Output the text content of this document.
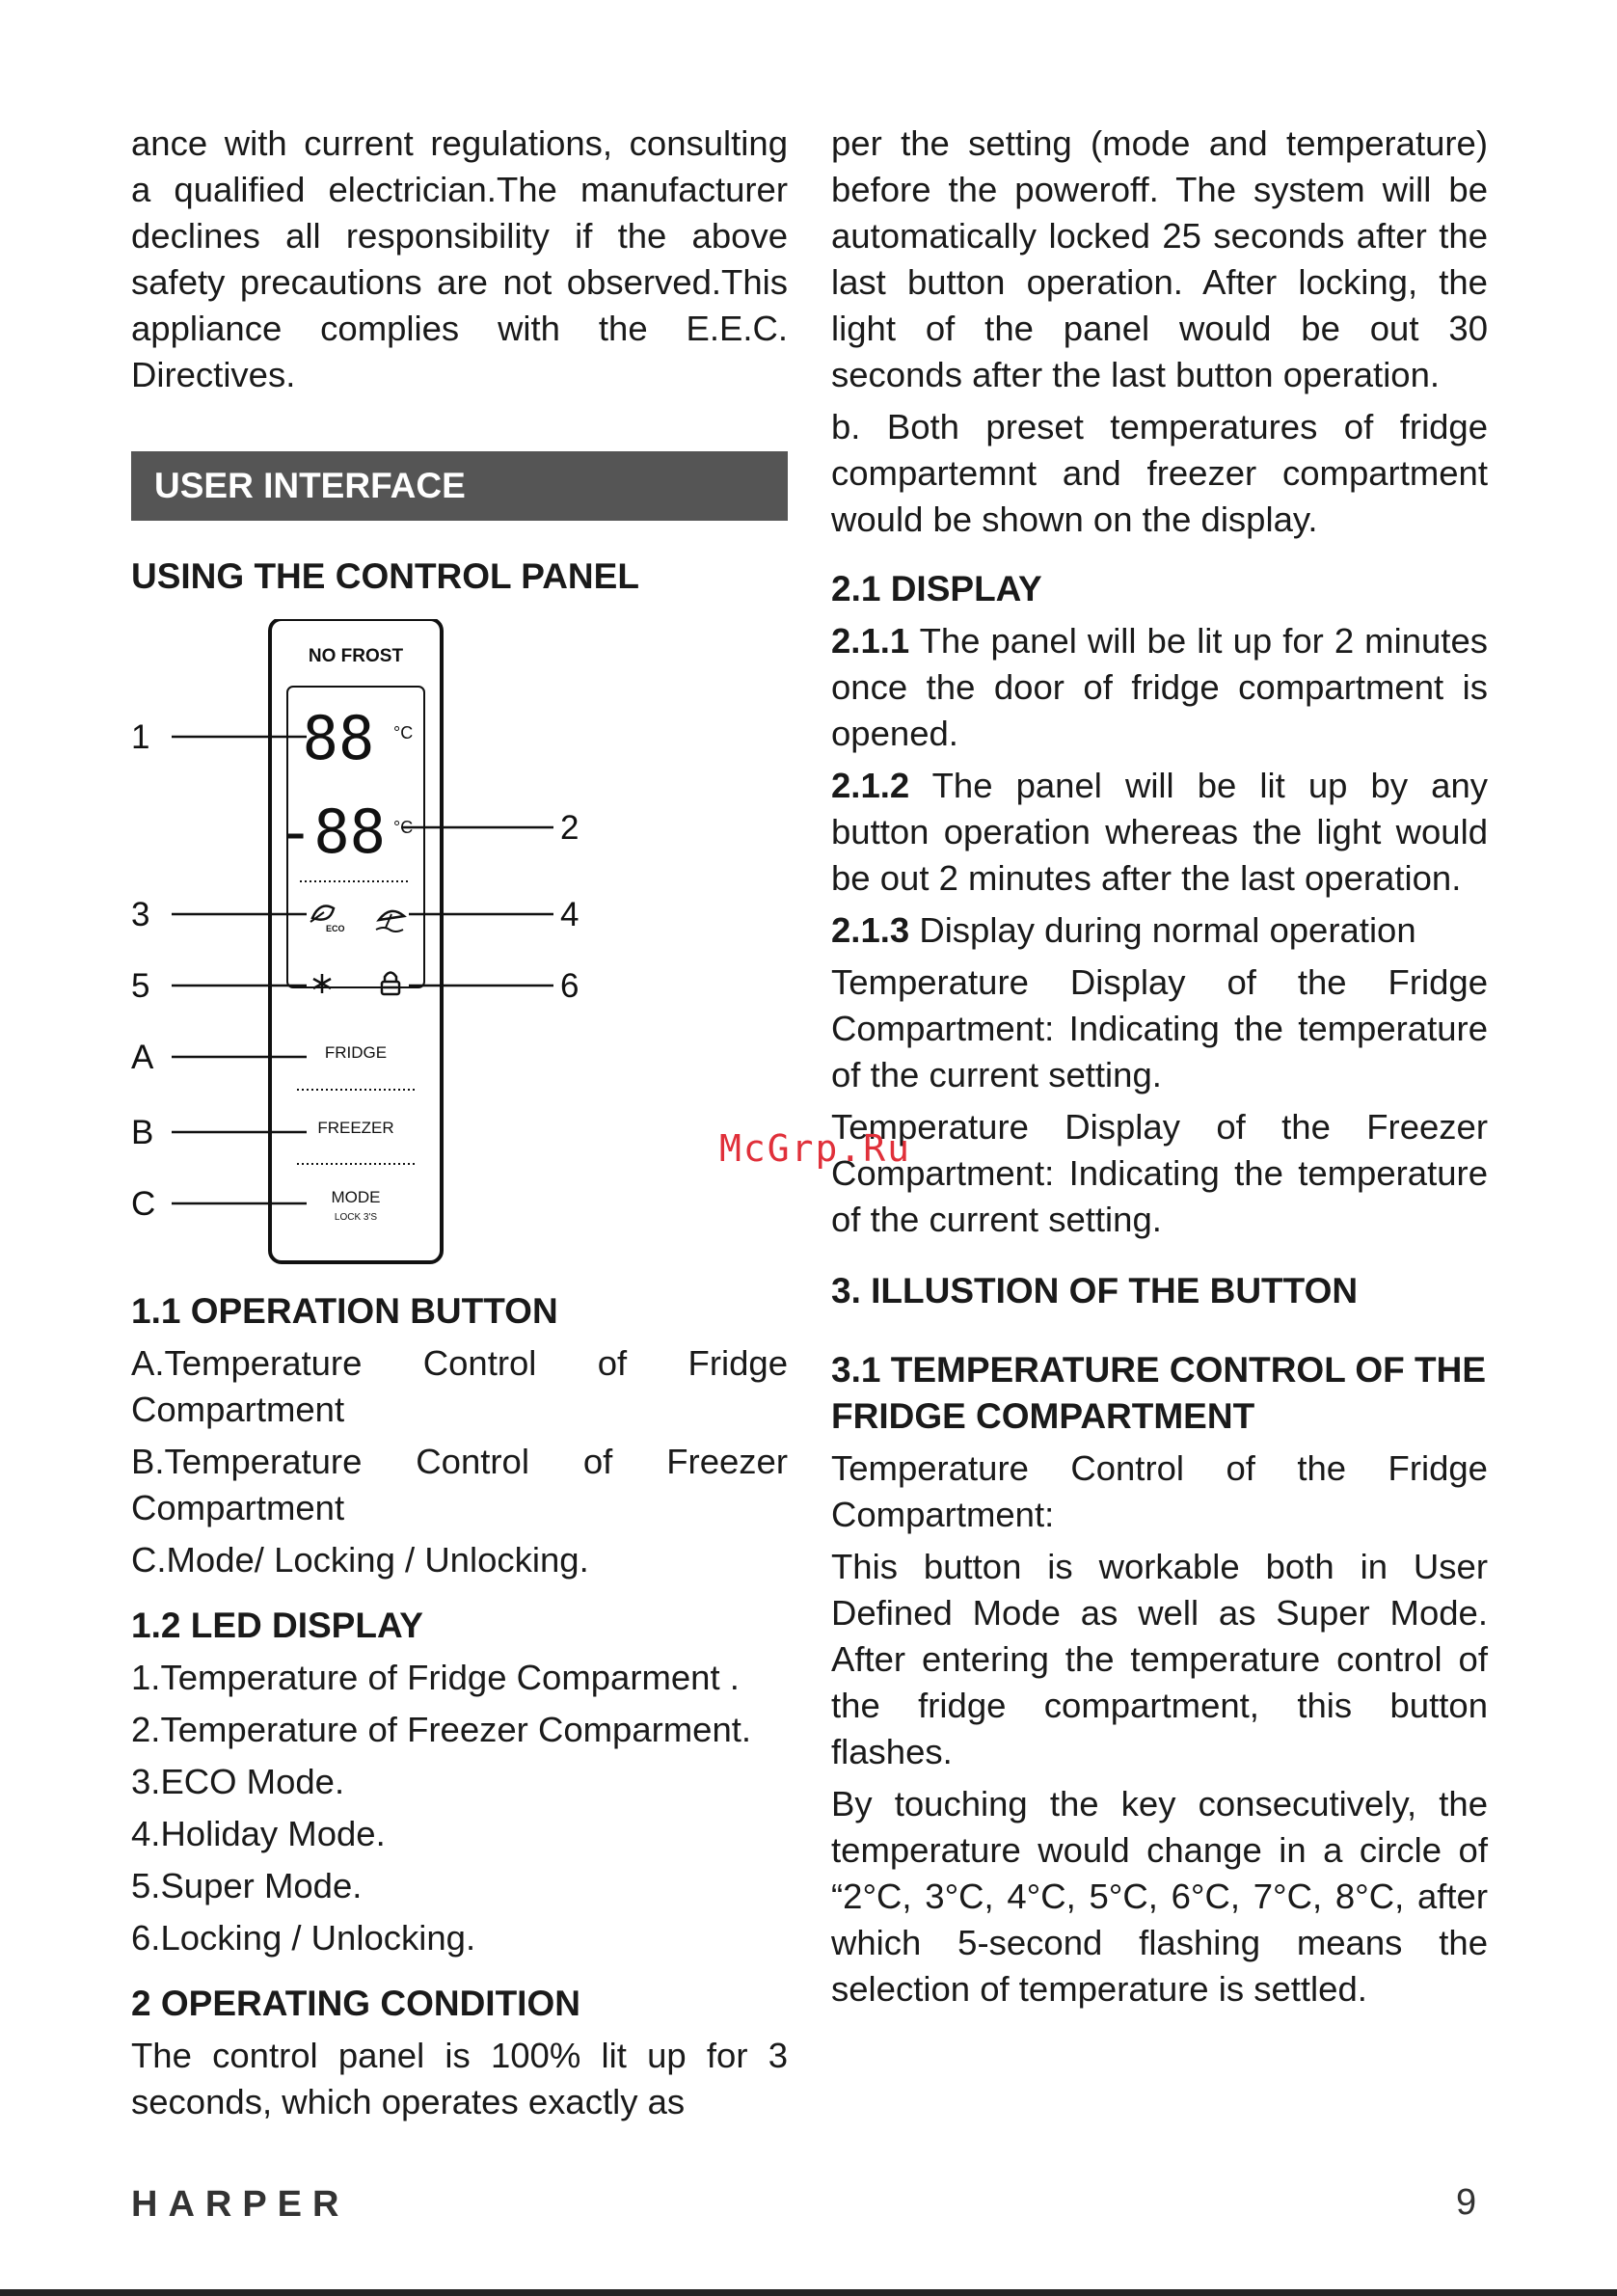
ance with current regulations, consulting a qualified electrician.The manufacturer declines all responsibility if the above safety precautions are not observed.This appliance complies with the E.E.C. Directives.

USER INTERFACE
USING THE CONTROL PANEL
NO FROST
88 °C
-88 °C
ECO
FRIDGE
FREEZER
MODE
LOCK 3'S
1
2
3	4
5	6
A
B
C
1.1 OPERATION BUTTON

A.Temperature Control of Fridge Compartment

B.Temperature Control of Freezer Compartment

C.Mode/ Locking / Unlocking.

1.2 LED DISPLAY

1.Temperature of Fridge Comparment .

2.Temperature of Freezer Comparment.

3.ECO Mode.

4.Holiday Mode.

5.Super Mode.

6.Locking / Unlocking.

2 OPERATING CONDITION

The control panel is 100% lit up for 3 seconds, which operates exactly as

per the setting (mode and temperature) before the poweroff. The system will be automatically locked 25 seconds after the last button operation. After locking, the light of the panel would be out 30 seconds after the last button operation.

b. Both preset temperatures of fridge compartemnt and freezer compartment would be shown on the display.

2.1 DISPLAY

2.1.1 The panel will be lit up for 2 minutes once the door of fridge compartment is opened.

2.1.2 The panel will be lit up by any button operation whereas the light would be out 2 minutes after the last operation.

2.1.3 Display during normal operation

Temperature Display of the Fridge Compartment: Indicating the temperature of the current setting.

Temperature Display of the Freezer Compartment: Indicating the temperature of the current setting.

3. ILLUSTION OF THE BUTTON
3.1 TEMPERATURE CONTROL OF THE FRIDGE COMPARTMENT

Temperature Control of the Fridge Compartment:

This button is workable both in User Defined Mode as well as Super Mode. After entering the temperature control of the fridge compartment, this button flashes.

By touching the key consecutively, the temperature would change in a circle of “2°C, 3°C, 4°C, 5°C, 6°C, 7°C, 8°C, after which 5-second flashing means the selection of temperature is settled.

McGrp.Ru
HARPER	9
